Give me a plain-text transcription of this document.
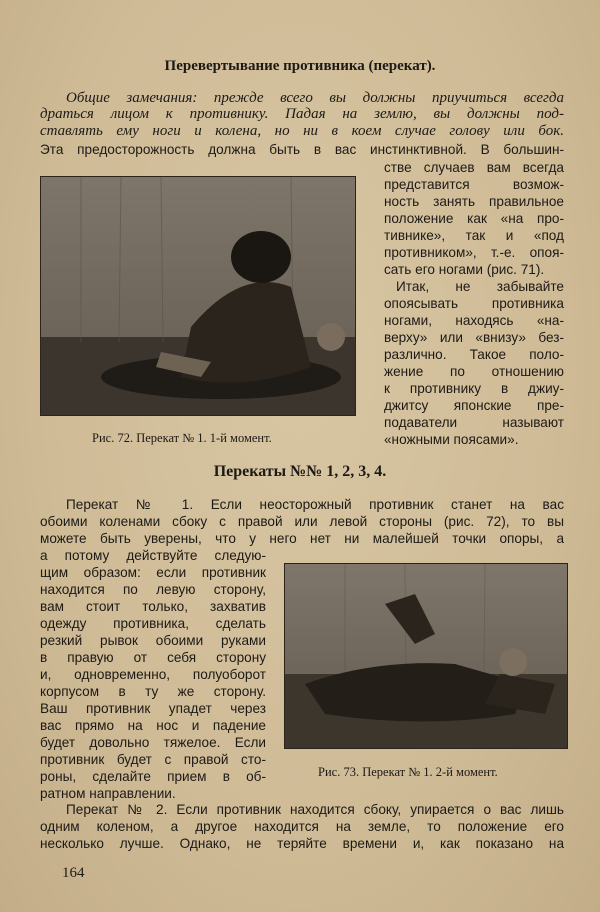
Перевертывание противника (перекат).
Общие замечания: прежде всего вы должны приучиться всегда
драться лицом к противнику. Падая на землю, вы должны под-
ставлять ему ноги и колена, но ни в коем случае голову или бок.
Эта предосторожность должна быть в вас инстинктивной. В большин-
стве случаев вам всегда
представится возмож-
ность занять правильное
положение как «на про-
тивнике», так и «под
противником», т.-е. опоя-
сать его ногами (рис. 71).
Итак, не забывайте
опоясывать противника
ногами, находясь «на-
верху» или «внизу» без-
различно. Такое поло-
жение по отношению
к противнику в джиу-
джитсу японские пре-
подаватели называют
«ножными поясами».
Рис. 72. Перекат № 1. 1-й момент.
Перекаты №№ 1, 2, 3, 4.
Перекат № 1. Если неосторожный противник станет на вас
обоими коленами сбоку с правой или левой стороны (рис. 72), то вы
можете быть уверены, что у него нет ни малейшей точки опоры, а
а потому действуйте следую-
щим образом: если противник
находится по левую сторону,
вам стоит только, захватив
одежду противника, сделать
резкий рывок обоими руками
в правую от себя сторону
и, одновременно, полуоборот
корпусом в ту же сторону.
Ваш противник упадет через
вас прямо на нос и падение
будет довольно тяжелое. Если
противник будет с правой сто-
роны, сделайте прием в об-
ратном направлении.
Рис. 73. Перекат № 1. 2-й момент.
Перекат № 2. Если противник находится сбоку, упирается о вас лишь
одним коленом, а другое находится на земле, то положение его
несколько лучше. Однако, не теряйте времени и, как показано на
164
